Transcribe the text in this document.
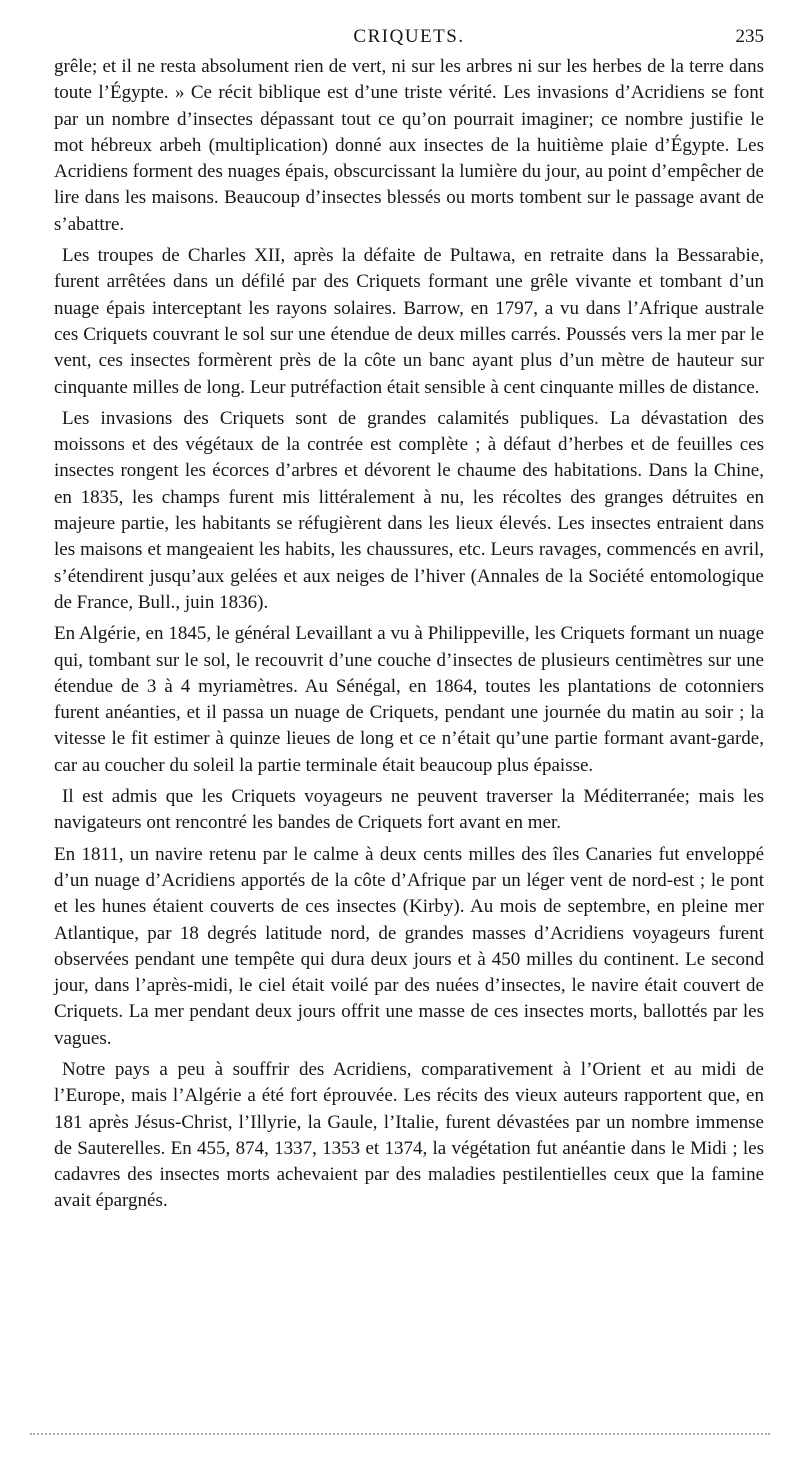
CRIQUETS.	235

grêle; et il ne resta absolument rien de vert, ni sur les arbres ni sur les herbes de la terre dans toute l’Égypte. » Ce récit biblique est d’une triste vérité. Les invasions d’Acridiens se font par un nombre d’insectes dépassant tout ce qu’on pourrait imaginer; ce nombre justifie le mot hébreux arbeh (multiplication) donné aux insectes de la huitième plaie d’Égypte. Les Acridiens forment des nuages épais, obscurcissant la lumière du jour, au point d’empêcher de lire dans les maisons. Beaucoup d’insectes blessés ou morts tombent sur le passage avant de s’abattre.

Les troupes de Charles XII, après la défaite de Pultawa, en retraite dans la Bessarabie, furent arrêtées dans un défilé par des Criquets formant une grêle vivante et tombant d’un nuage épais interceptant les rayons solaires. Barrow, en 1797, a vu dans l’Afrique australe ces Criquets couvrant le sol sur une étendue de deux milles carrés. Poussés vers la mer par le vent, ces insectes formèrent près de la côte un banc ayant plus d’un mètre de hauteur sur cinquante milles de long. Leur putréfaction était sensible à cent cinquante milles de distance.

Les invasions des Criquets sont de grandes calamités publiques. La dévastation des moissons et des végétaux de la contrée est complète ; à défaut d’herbes et de feuilles ces insectes rongent les écorces d’arbres et dévorent le chaume des habitations. Dans la Chine, en 1835, les champs furent mis littéralement à nu, les récoltes des granges détruites en majeure partie, les habitants se réfugièrent dans les lieux élevés. Les insectes entraient dans les maisons et mangeaient les habits, les chaussures, etc. Leurs ravages, commencés en avril, s’étendirent jusqu’aux gelées et aux neiges de l’hiver (Annales de la Société entomologique de France, Bull., juin 1836).

En Algérie, en 1845, le général Levaillant a vu à Philippeville, les Criquets formant un nuage qui, tombant sur le sol, le recouvrit d’une couche d’insectes de plusieurs centimètres sur une étendue de 3 à 4 myriamètres. Au Sénégal, en 1864, toutes les plantations de cotonniers furent anéanties, et il passa un nuage de Criquets, pendant une journée du matin au soir ; la vitesse le fit estimer à quinze lieues de long et ce n’était qu’une partie formant avant-garde, car au coucher du soleil la partie terminale était beaucoup plus épaisse.

Il est admis que les Criquets voyageurs ne peuvent traverser la Méditerranée; mais les navigateurs ont rencontré les bandes de Criquets fort avant en mer.

En 1811, un navire retenu par le calme à deux cents milles des îles Canaries fut enveloppé d’un nuage d’Acridiens apportés de la côte d’Afrique par un léger vent de nord-est ; le pont et les hunes étaient couverts de ces insectes (Kirby). Au mois de septembre, en pleine mer Atlantique, par 18 degrés latitude nord, de grandes masses d’Acridiens voyageurs furent observées pendant une tempête qui dura deux jours et à 450 milles du continent. Le second jour, dans l’après-midi, le ciel était voilé par des nuées d’insectes, le navire était couvert de Criquets. La mer pendant deux jours offrit une masse de ces insectes morts, ballottés par les vagues.

Notre pays a peu à souffrir des Acridiens, comparativement à l’Orient et au midi de l’Europe, mais l’Algérie a été fort éprouvée. Les récits des vieux auteurs rapportent que, en 181 après Jésus-Christ, l’Illyrie, la Gaule, l’Italie, furent dévastées par un nombre immense de Sauterelles. En 455, 874, 1337, 1353 et 1374, la végétation fut anéantie dans le Midi ; les cadavres des insectes morts achevaient par des maladies pestilentielles ceux que la famine avait épargnés.
